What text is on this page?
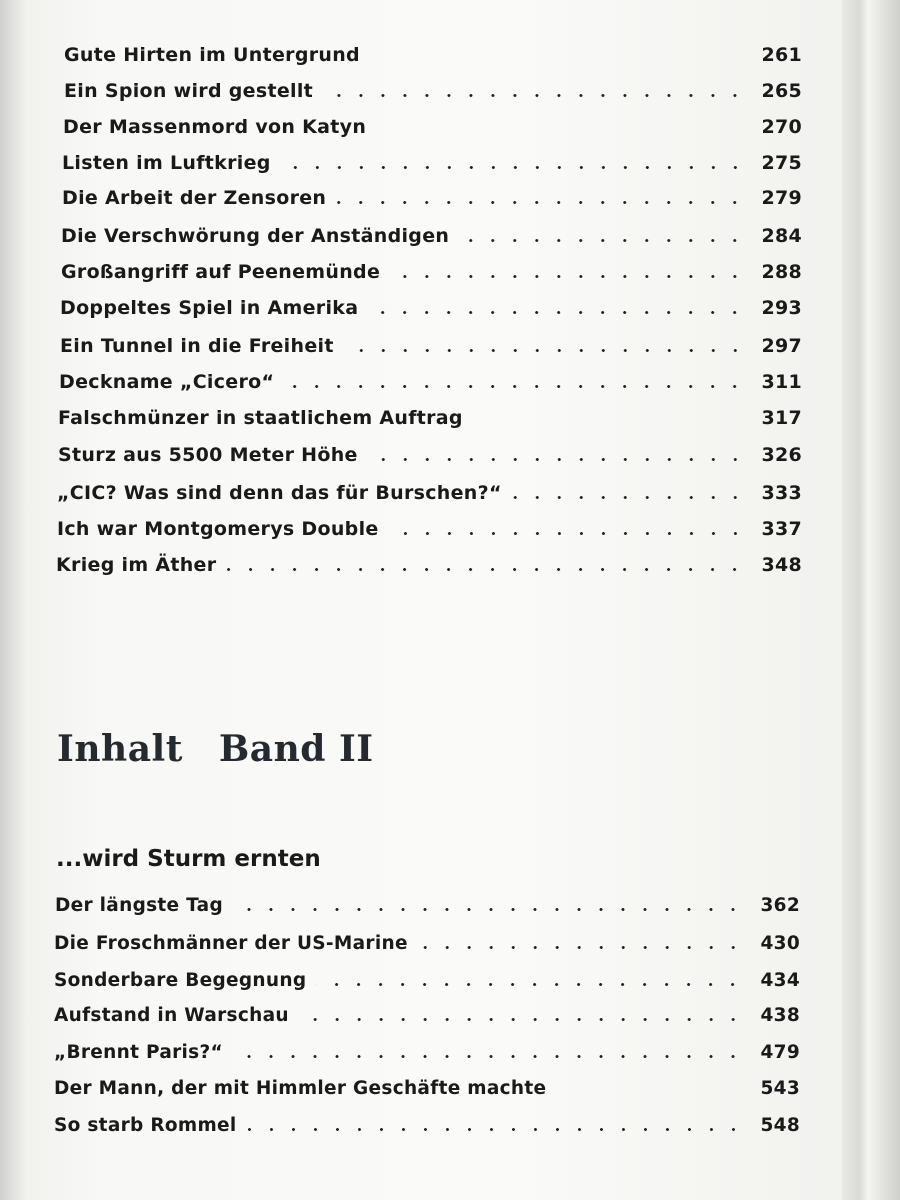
Gute Hirten im Untergrund	261
Ein Spion wird gestellt	265
Der Massenmord von Katyn	270
Listen im Luftkrieg	275
Die Arbeit der Zensoren	279
Die Verschwörung der Anständigen	284
Großangriff auf Peenemünde	288
Doppeltes Spiel in Amerika	293
Ein Tunnel in die Freiheit	297
Deckname „Cicero“	311
Falschmünzer in staatlichem Auftrag	317
Sturz aus 5500 Meter Höhe	326
„CIC? Was sind denn das für Burschen?“	333
Ich war Montgomerys Double	337
Krieg im Äther	348
Inhalt Band II
...wird Sturm ernten
Der längste Tag	362
Die Froschmänner der US-Marine	430
Sonderbare Begegnung	434
Aufstand in Warschau	438
„Brennt Paris?“	479
Der Mann, der mit Himmler Geschäfte machte	543
So starb Rommel	548
